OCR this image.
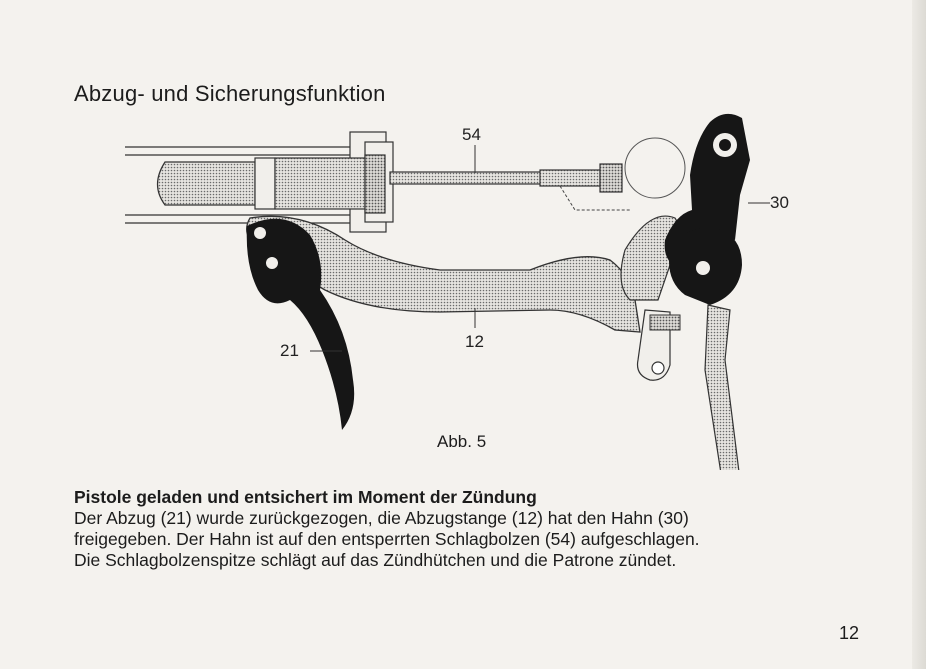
Abzug- und Sicherungsfunktion
54
30
12
21
Abb. 5
Pistole geladen und entsichert im Moment der Zündung
Der Abzug (21) wurde zurückgezogen, die Abzugstange (12) hat den Hahn (30)
freigegeben. Der Hahn ist auf den entsperrten Schlagbolzen (54) aufgeschlagen.
Die Schlagbolzenspitze schlägt auf das Zündhütchen und die Patrone zündet.
12
